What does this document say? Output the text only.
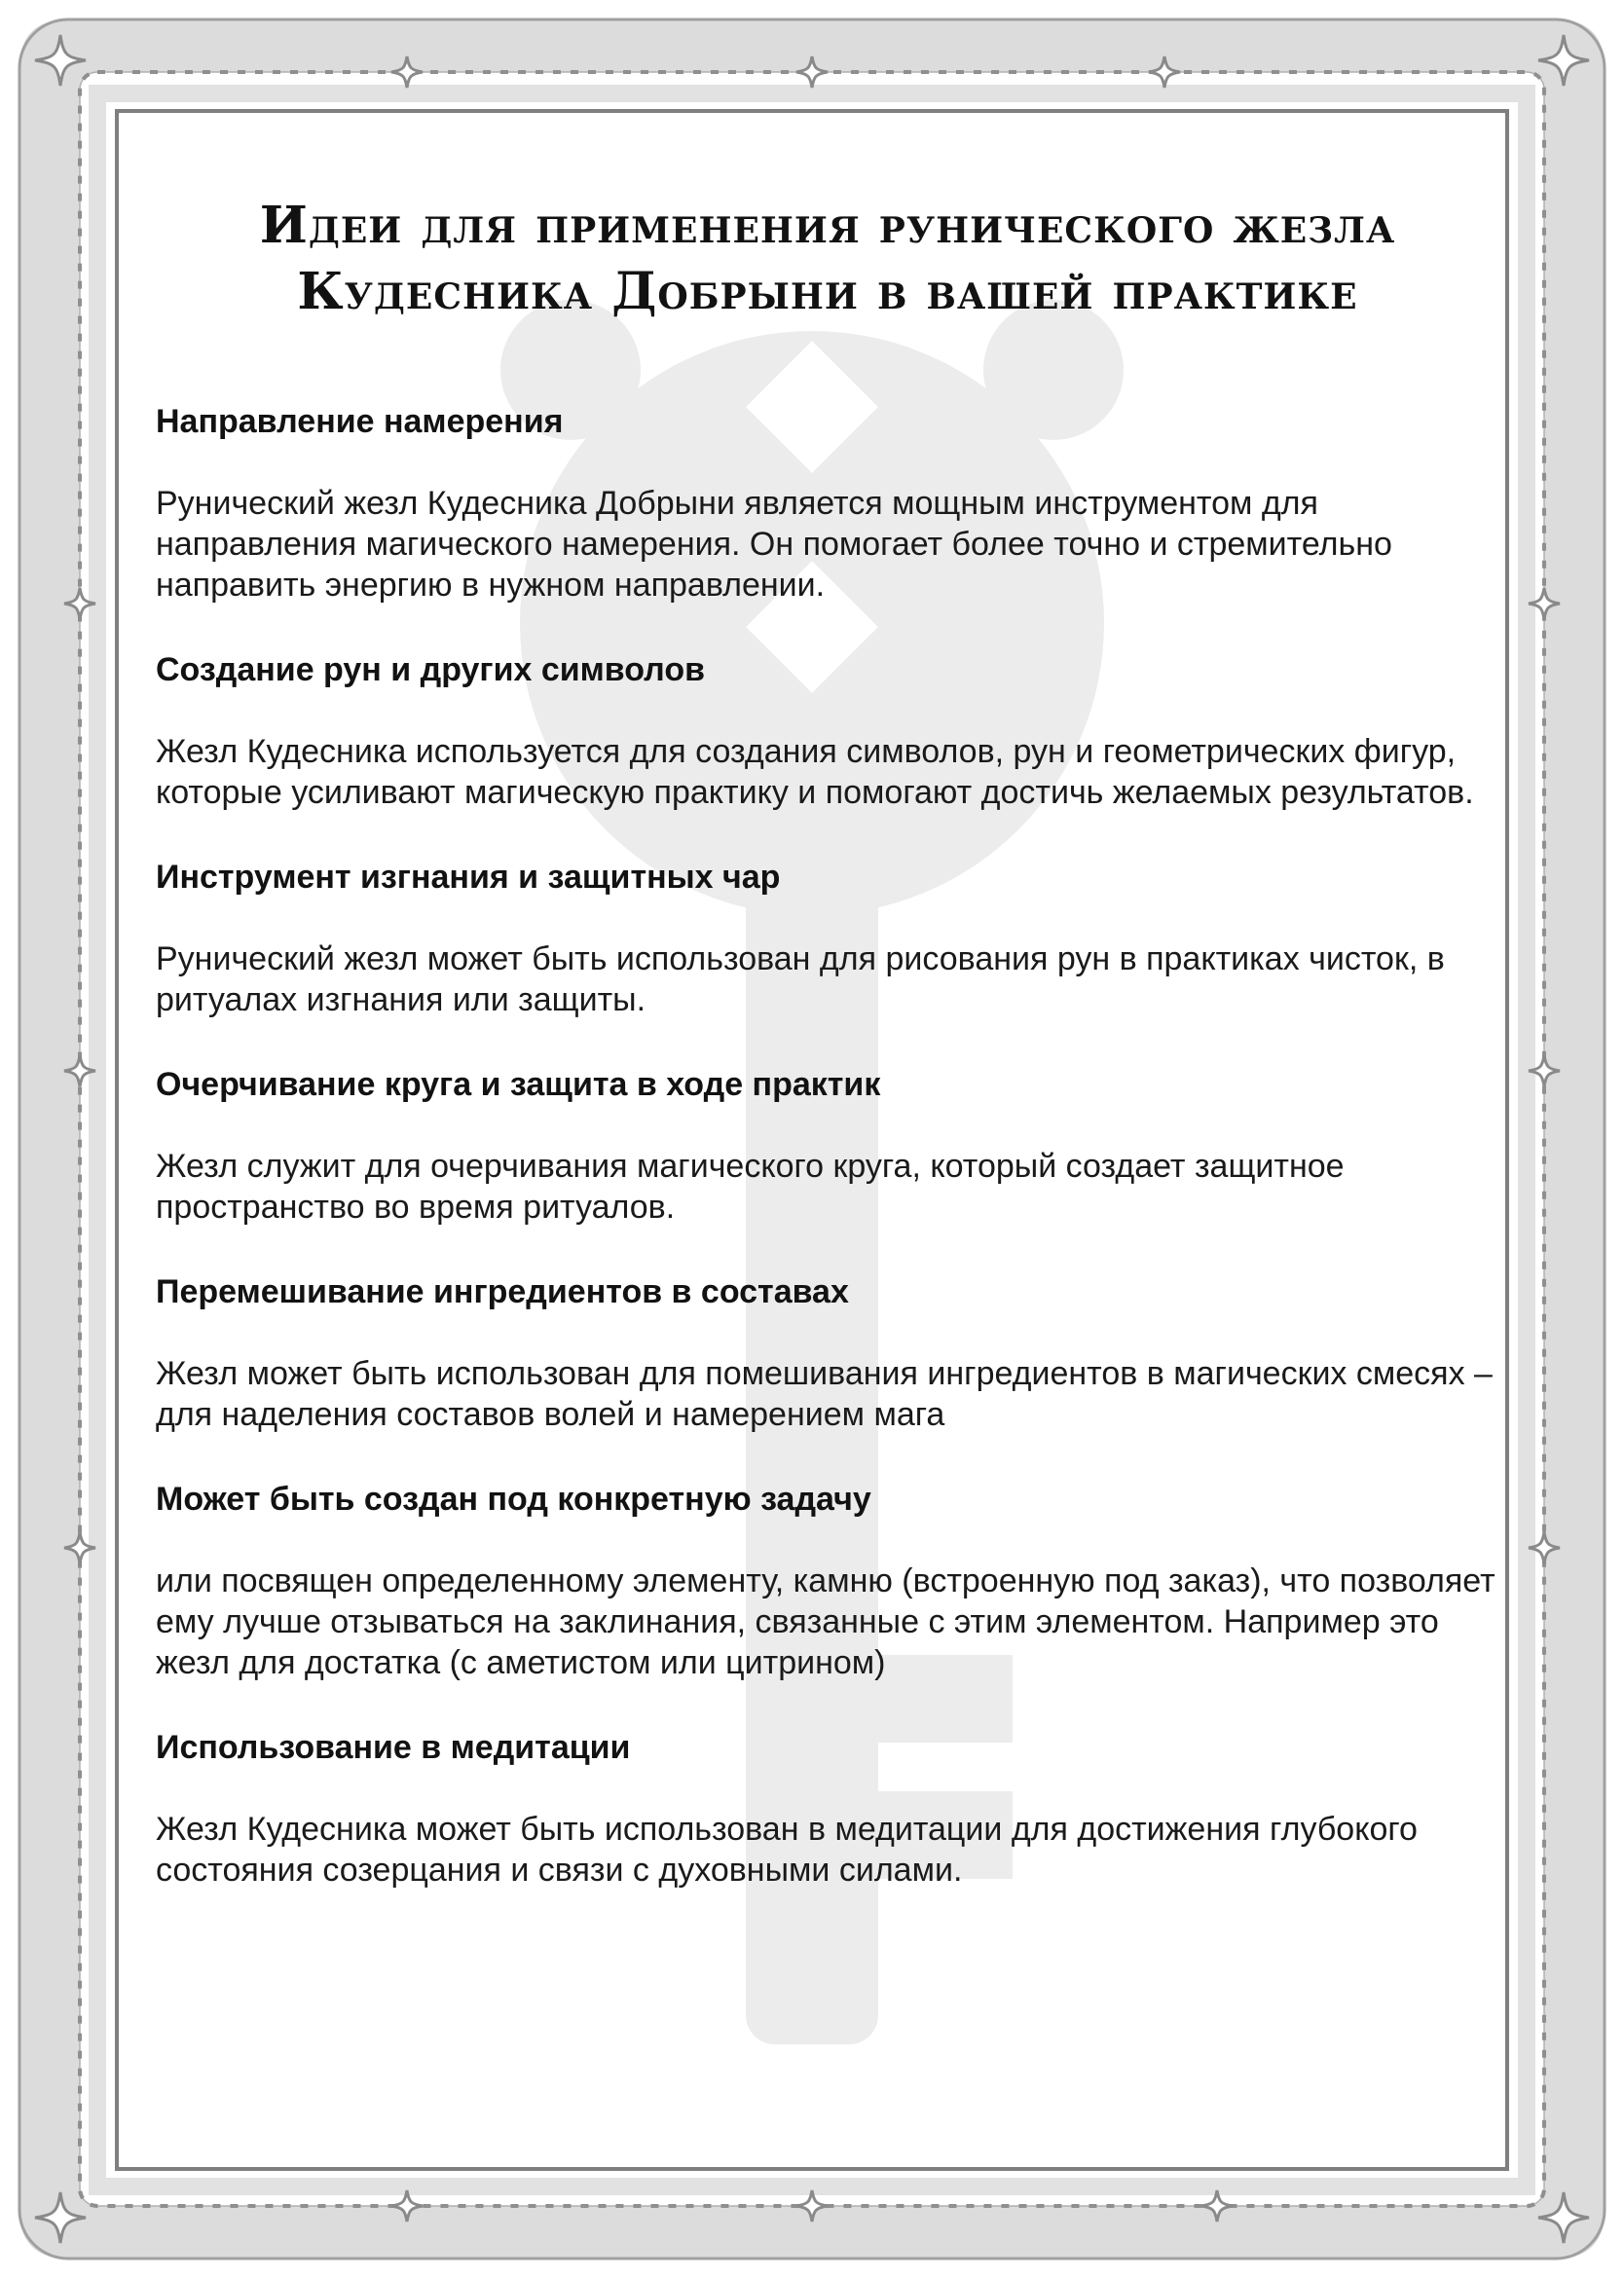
Идеи для применения рунического жезла
Кудесника Добрыни в вашей практике

Направление намерения

Рунический жезл Кудесника Добрыни является мощным инструментом для направления магического намерения. Он помогает более точно и стремительно направить энергию в нужном направлении.

Создание рун и других символов

Жезл Кудесника используется для создания символов, рун и геометрических фигур, которые усиливают магическую практику и помогают достичь желаемых результатов.

Инструмент изгнания и защитных чар

Рунический жезл может быть использован для рисования рун в практиках чисток, в ритуалах изгнания или защиты.

Очерчивание круга и защита в ходе практик

Жезл служит для очерчивания магического круга, который создает защитное пространство во время ритуалов.

Перемешивание ингредиентов в составах

Жезл может быть использован для помешивания ингредиентов в магических смесях – для наделения составов волей и намерением мага

Может быть создан под конкретную задачу

или посвящен определенному элементу, камню (встроенную под заказ), что позволяет ему лучше отзываться на заклинания, связанные с этим элементом. Например это жезл для достатка (с аметистом или цитрином)

Использование в медитации

Жезл Кудесника может быть использован в медитации для достижения глубокого состояния созерцания и связи с духовными силами.
